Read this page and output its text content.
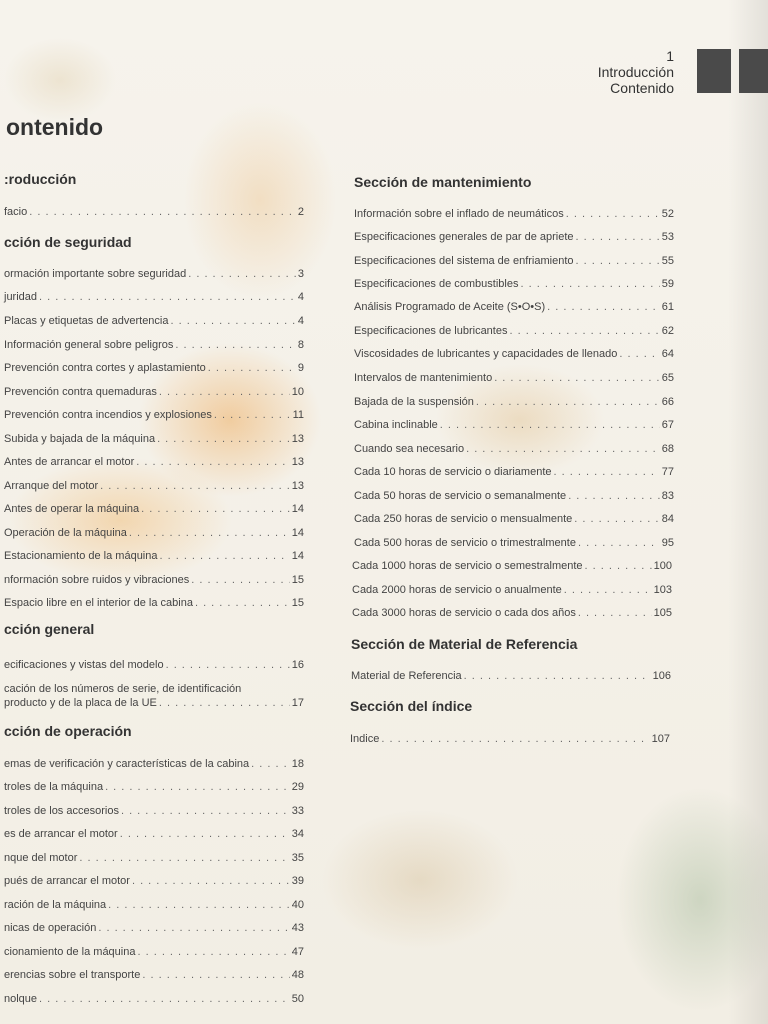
1
Introducción
Contenido
ontenido
:roducción
facio . . .	2
cción de seguridad
ormación importante sobre seguridad . . .	3
juridad . . .	4
Placas y etiquetas de advertencia . . .	4
Información general sobre peligros . . .	8
Prevención contra cortes y aplastamiento . . .	9
Prevención contra quemaduras . . .	10
Prevención contra incendios y explosiones . . .	11
Subida y bajada de la máquina . . .	13
Antes de arrancar el motor . . .	13
Arranque del motor . . .	13
Antes de operar la máquina . . .	14
Operación de la máquina . . .	14
Estacionamiento de la máquina . . .	14
nformación sobre ruidos y vibraciones . . .	15
Espacio libre en el interior de la cabina . . .	15
cción general
ecificaciones y vistas del modelo . . .	16
cación de los números de serie, de identificación
producto y de la placa de la UE . . .	17
cción de operación
emas de verificación y características de la cabina . . .	18
troles de la máquina . . .	29
troles de los accesorios . . .	33
es de arrancar el motor . . .	34
nque del motor . . .	35
pués de arrancar el motor . . .	39
ración de la máquina . . .	40
nicas de operación . . .	43
cionamiento de la máquina . . .	47
erencias sobre el transporte . . .	48
nolque . . .	50
Sección de mantenimiento
Información sobre el inflado de neumáticos . . .	52
Especificaciones generales de par de apriete . . .	53
Especificaciones del sistema de enfriamiento . . .	55
Especificaciones de combustibles . . .	59
Análisis Programado de Aceite (S•O•S) . . .	61
Especificaciones de lubricantes . . .	62
Viscosidades de lubricantes y capacidades de llenado . . .	64
Intervalos de mantenimiento . . .	65
Bajada de la suspensión . . .	66
Cabina inclinable . . .	67
Cuando sea necesario . . .	68
Cada 10 horas de servicio o diariamente . . .	77
Cada 50 horas de servicio o semanalmente . . .	83
Cada 250 horas de servicio o mensualmente . . .	84
Cada 500 horas de servicio o trimestralmente . . .	95
Cada 1000 horas de servicio o semestralmente . . .	100
Cada 2000 horas de servicio o anualmente . . .	103
Cada 3000 horas de servicio o cada dos años . . .	105
Sección de Material de Referencia
Material de Referencia . . .	106
Sección del índice
Indice . . .	107
